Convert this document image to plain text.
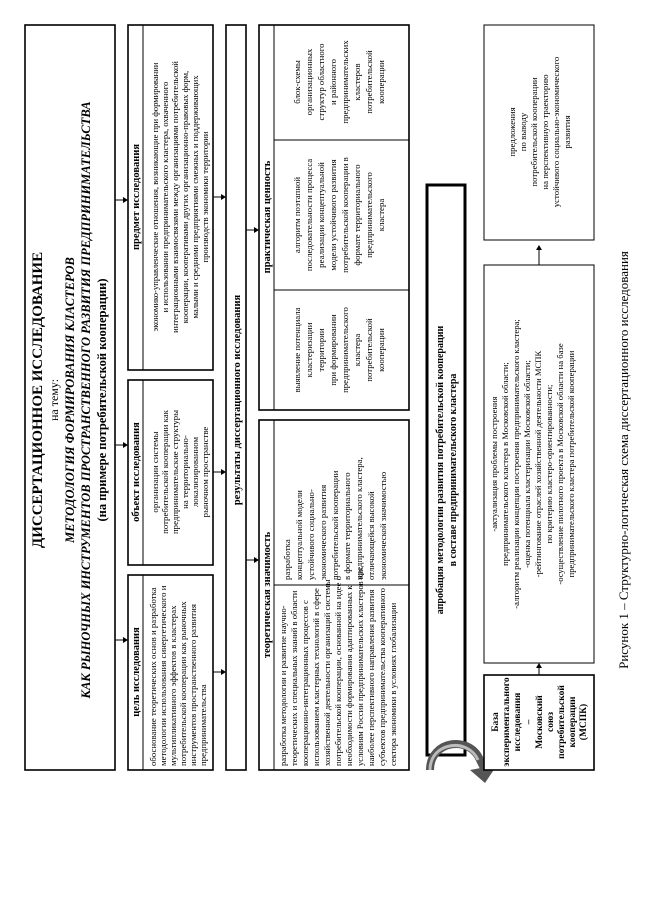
ДИССЕРТАЦИОННОЕ ИССЛЕДОВАНИЕ на тему: МЕТОДОЛОГИЯ ФОРМИРОВАНИЯ КЛАСТЕРОВ КАК РЫНОЧНЫХ ИНСТРУМЕНТОВ ПРОСТРАНСТВЕННОГО РАЗВИТИЯ ПРЕДПРИНИМАТЕЛЬСТВА (на примере потребительской кооперации)
цель исследования обоснование теоретических основ и разработка методологии использования синергетического и мультипликативного эффектов в кластерах потребительской кооперации как рыночных инструментов пространственного развития предпринимательства
объект исследования организации системы потребительской кооперации как предпринимательские структуры на территориально- локализированном рыночном пространстве
предмет исследования экономико-управленческие отношения, возникающие при формировании и использовании предпринимательского кластера, охваченного интеграционными взаимосвязями между организациями потребительской кооперации, кооперативами других организационно-правовых форм, малыми и средними предприятиями смежных и поддерживающих производств экономики территории
результаты диссертационного исследования
теоретическая значимость
разработка методологии и развитие научно- теоретических и специальных знаний в области кооперационно-интеграционных процессов с использованием кластерных технологий в сфере хозяйственной деятельности организаций системы потребительской кооперации, основанной на идее о необходимости формирования адаптированных к условиям России предпринимательских кластеров как наиболее перспективного направления развития субъектов предпринимательства кооперативного сектора экономики в условиях глобализации
разработка концептуальной модели устойчивого социально- экономического развития потребительской кооперации в формате территориального предпринимательского кластера, отличающейся высокой экономической значимостью
практическая ценность
выявление потенциала кластеризации территории при формировании предпринимательского кластера потребительской кооперации
алгоритм поэтапной последовательности процесса реализации концептуальной модели устойчивого развития потребительской кооперации в формате территориального предпринимательского кластера
блок-схемы организационных структур областного и районного предпринимательских кластеров потребительской кооперации
апробация методологии развития потребительской кооперации в составе предпринимательского кластера
База экспериментального исследования – Московский союз потребительской кооперации (МСПК)
-актуализация проблемы построения предпринимательского кластера в Московской области; -алгоритм реализации концепции построения предпринимательского кластера; -оценка потенциала кластеризации Московской области; -рейтингование отраслей хозяйственной деятельности МСПК по критерию кластеро-ориентированности; -осуществление пилотного проекта в Московской области на базе предпринимательского кластера потребительской кооперации
предложения по выводу потребительской кооперации на перспективную траекторию устойчивого социально-экономического развития
Рисунок 1 – Структурно-логическая схема диссертационного исследования
